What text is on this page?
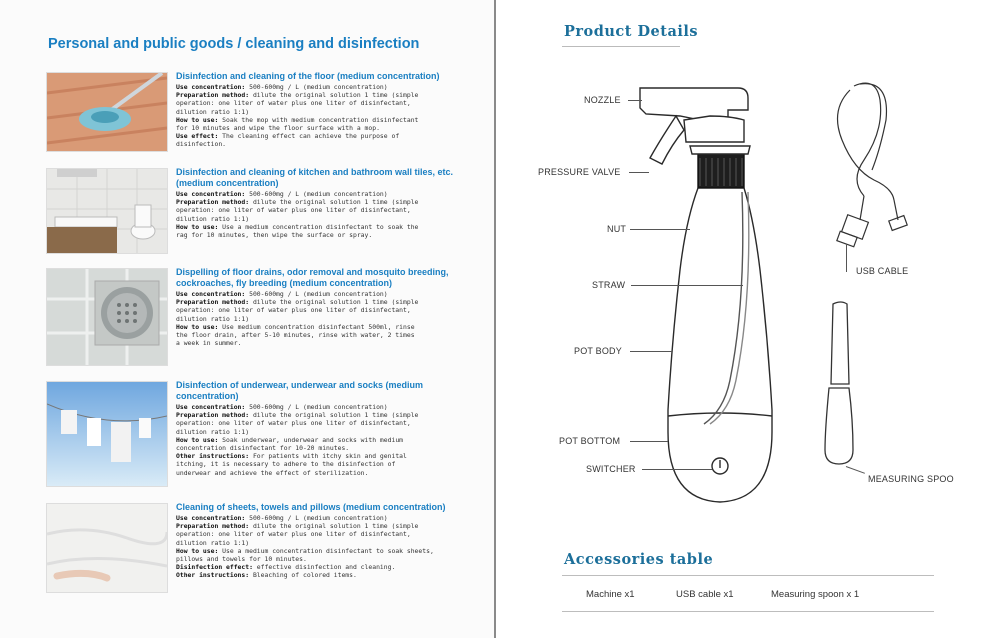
Personal and public goods / cleaning and disinfection
Disinfection and cleaning of the floor (medium concentration)
Use concentration: 500-600mg / L (medium concentration)
Preparation method: dilute the original solution 1 time (simple
operation: one liter of water plus one liter of disinfectant,
dilution ratio 1:1)
How to use: Soak the mop with medium concentration disinfectant
for 10 minutes and wipe the floor surface with a mop.
Use effect: The cleaning effect can achieve the purpose of
disinfection.
Disinfection and cleaning of kitchen and bathroom wall tiles, etc. (medium concentration)
Use concentration: 500-600mg / L (medium concentration)
Preparation method: dilute the original solution 1 time (simple
operation: one liter of water plus one liter of disinfectant,
dilution ratio 1:1)
How to use: Use a medium concentration disinfectant to soak the
rag for 10 minutes, then wipe the surface or spray.
Dispelling of floor drains, odor removal and mosquito breeding, cockroaches, fly breeding (medium concentration)
Use concentration: 500-600mg / L (medium concentration)
Preparation method: dilute the original solution 1 time (simple
operation: one liter of water plus one liter of disinfectant,
dilution ratio 1:1)
How to use: Use medium concentration disinfectant 500ml, rinse
the floor drain, after 5-10 minutes, rinse with water, 2 times
a week in summer.
Disinfection of underwear, underwear and socks (medium concentration)
Use concentration: 500-600mg / L (medium concentration)
Preparation method: dilute the original solution 1 time (simple
operation: one liter of water plus one liter of disinfectant,
dilution ratio 1:1)
How to use: Soak underwear, underwear and socks with medium
concentration disinfectant for 10-20 minutes.
Other instructions: For patients with itchy skin and genital
itching, it is necessary to adhere to the disinfection of
underwear and achieve the effect of sterilization.
Cleaning of sheets, towels and pillows (medium concentration)
Use concentration: 500-600mg / L (medium concentration)
Preparation method: dilute the original solution 1 time (simple
operation: one liter of water plus one liter of disinfectant,
dilution ratio 1:1)
How to use: Use a medium concentration disinfectant to soak sheets,
pillows and towels for 10 minutes.
Disinfection effect: effective disinfection and cleaning.
Other instructions: Bleaching of colored items.
Product Details
NOZZLE
PRESSURE VALVE
NUT
STRAW
POT BODY
POT BOTTOM
SWITCHER
USB CABLE
MEASURING SPOO
Accessories table
Machine x1	USB cable x1	Measuring spoon x 1
